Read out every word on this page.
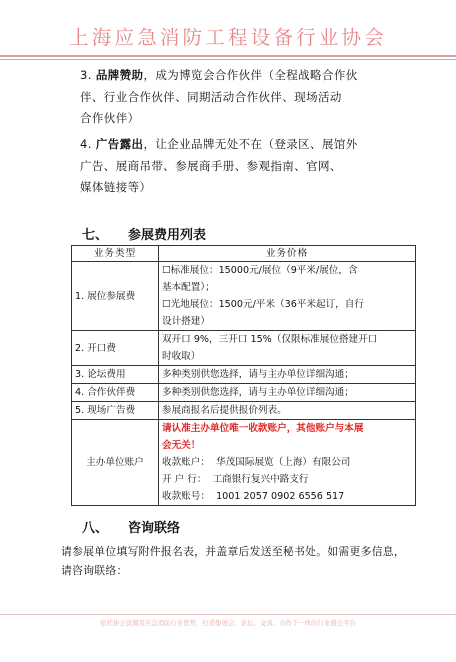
上海应急消防工程设备行业协会
3. 品牌赞助，成为博览会合作伙伴（全程战略合作伙
伴、行业合作伙伴、同期活动合作伙伴、现场活动
合作伙伴）
4. 广告露出，让企业品牌无处不在（登录区、展馆外
广告、展商吊带、参展商手册、参观指南、官网、
媒体链接等）
七、 参展费用列表
业务类型	业务价格
1. 展位参展费	☐标准展位：15000元/展位（9平米/展位，含
基本配置）；
☐光地展位：1500元/平米（36平米起订，自行
设计搭建）

2. 开口费	双开口 9%，三开口 15%（仅限标准展位搭建开口
时收取）

3. 论坛费用	多种类别供您选择，请与主办单位详细沟通；
4. 合作伙伴费	多种类别供您选择，请与主办单位详细沟通；
5. 现场广告费	参展商报名后提供报价列表。
主办单位账户	请认准主办单位唯一收款账户，其他账户与本展
会无关！
收款账户： 华茂国际展览（上海）有限公司
开 户 行： 工商银行复兴中路支行
收款账号： 1001 2057 0902 6556 517
八、 咨询联络
请参展单位填写附件报名表，并盖章后发送至秘书处。如需更多信息，
请咨询联络：
依托协会资源及应急消防行业优势，打造集展会、论坛、交流、合作于一体的行业盛会平台
